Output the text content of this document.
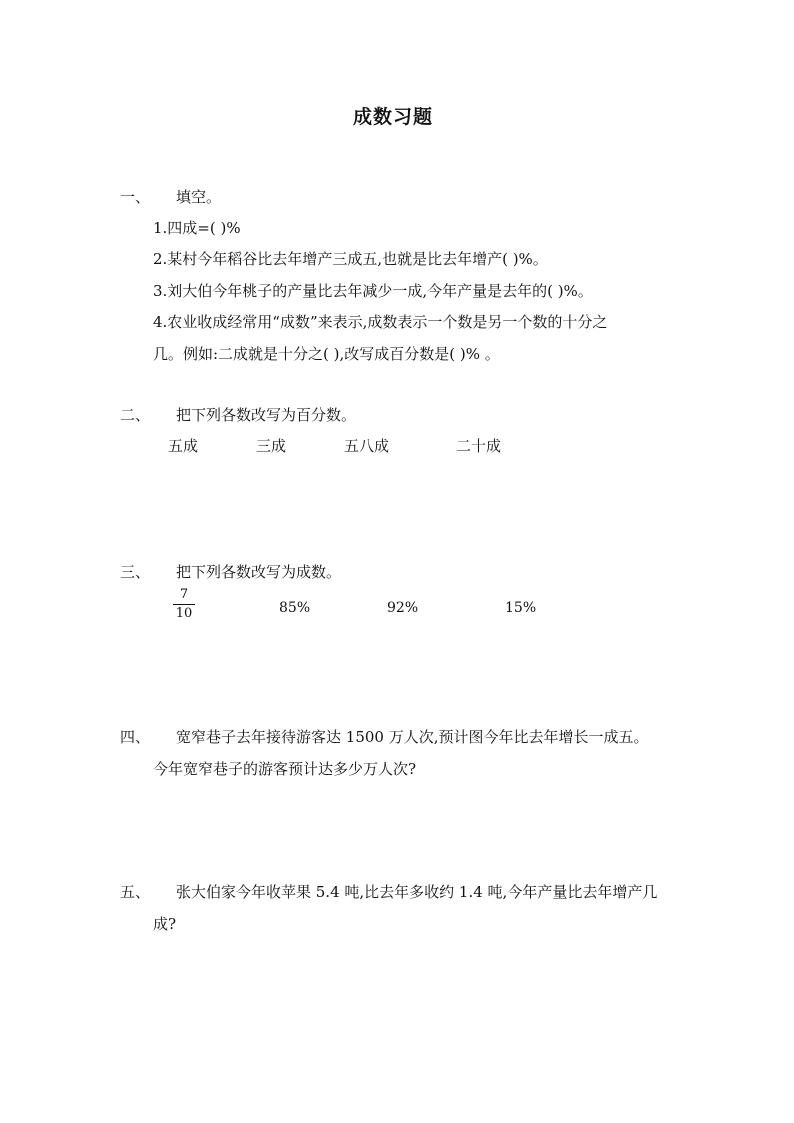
成数习题
一、 填空。
1.四成=( )%
2.某村今年稻谷比去年增产三成五,也就是比去年增产( )%。
3.刘大伯今年桃子的产量比去年减少一成,今年产量是去年的( )%。
4.农业收成经常用“成数”来表示,成数表示一个数是另一个数的十分之
几。例如:二成就是十分之( ),改写成百分数是( )% 。
二、 把下列各数改写为百分数。
五成	三成	五八成	二十成
三、 把下列各数改写为成数。
7
10	85%	92%	15%
四、 宽窄巷子去年接待游客达 1500 万人次,预计图今年比去年增长一成五。
今年宽窄巷子的游客预计达多少万人次?
五、 张大伯家今年收苹果 5.4 吨,比去年多收约 1.4 吨,今年产量比去年增产几
成?
